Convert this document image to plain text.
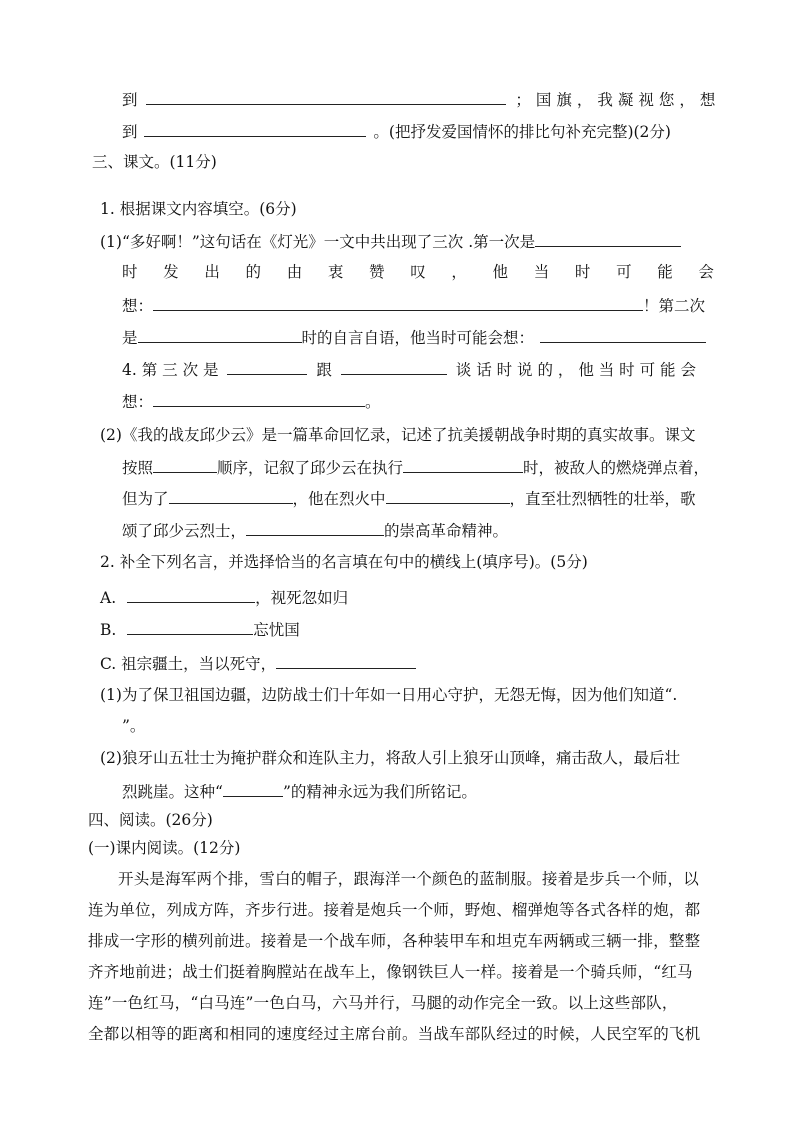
到	；国旗，我凝视您，想
到	。(把抒发爱国情怀的排比句补充完整)(2分)
三、课文。(11分)
1. 根据课文内容填空。(6分)
(1)“多好啊！”这句话在《灯光》一文中共出现了三次 .第一次是
时 发 出 的 由 衷 赞 叹 ， 他 当 时 可 能 会
想：	！第二次
是	时的自言自语，他当时可能会想：
4. 第 三 次 是	跟	谈 话 时 说 的 ， 他 当 时 可 能 会
想：	。
(2)《我的战友邱少云》是一篇革命回忆录，记述了抗美援朝战争时期的真实故事。课文
按照	顺序，记叙了邱少云在执行	时，被敌人的燃烧弹点着，
但为了	，他在烈火中	，直至壮烈牺牲的壮举，歌
颂了邱少云烈士，	的崇高革命精神。
2. 补全下列名言，并选择恰当的名言填在句中的横线上(填序号)。(5分)
A.	，视死忽如归
B.	忘忧国
C. 祖宗疆土，当以死守，
(1)为了保卫祖国边疆，边防战士们十年如一日用心守护，无怨无悔，因为他们知道“.
”。
(2)狼牙山五壮士为掩护群众和连队主力，将敌人引上狼牙山顶峰，痛击敌人，最后壮
烈跳崖。这种“	”的精神永远为我们所铭记。
四、阅读。(26分)
(一)课内阅读。(12分)
开头是海军两个排，雪白的帽子，跟海洋一个颜色的蓝制服。接着是步兵一个师，以
连为单位，列成方阵，齐步行进。接着是炮兵一个师，野炮、榴弹炮等各式各样的炮，都
排成一字形的横列前进。接着是一个战车师，各种装甲车和坦克车两辆或三辆一排，整整
齐齐地前进；战士们挺着胸膛站在战车上，像钢铁巨人一样。接着是一个骑兵师，“红马
连”一色红马，“白马连”一色白马，六马并行，马腿的动作完全一致。以上这些部队，
全都以相等的距离和相同的速度经过主席台前。当战车部队经过的时候，人民空军的飞机
